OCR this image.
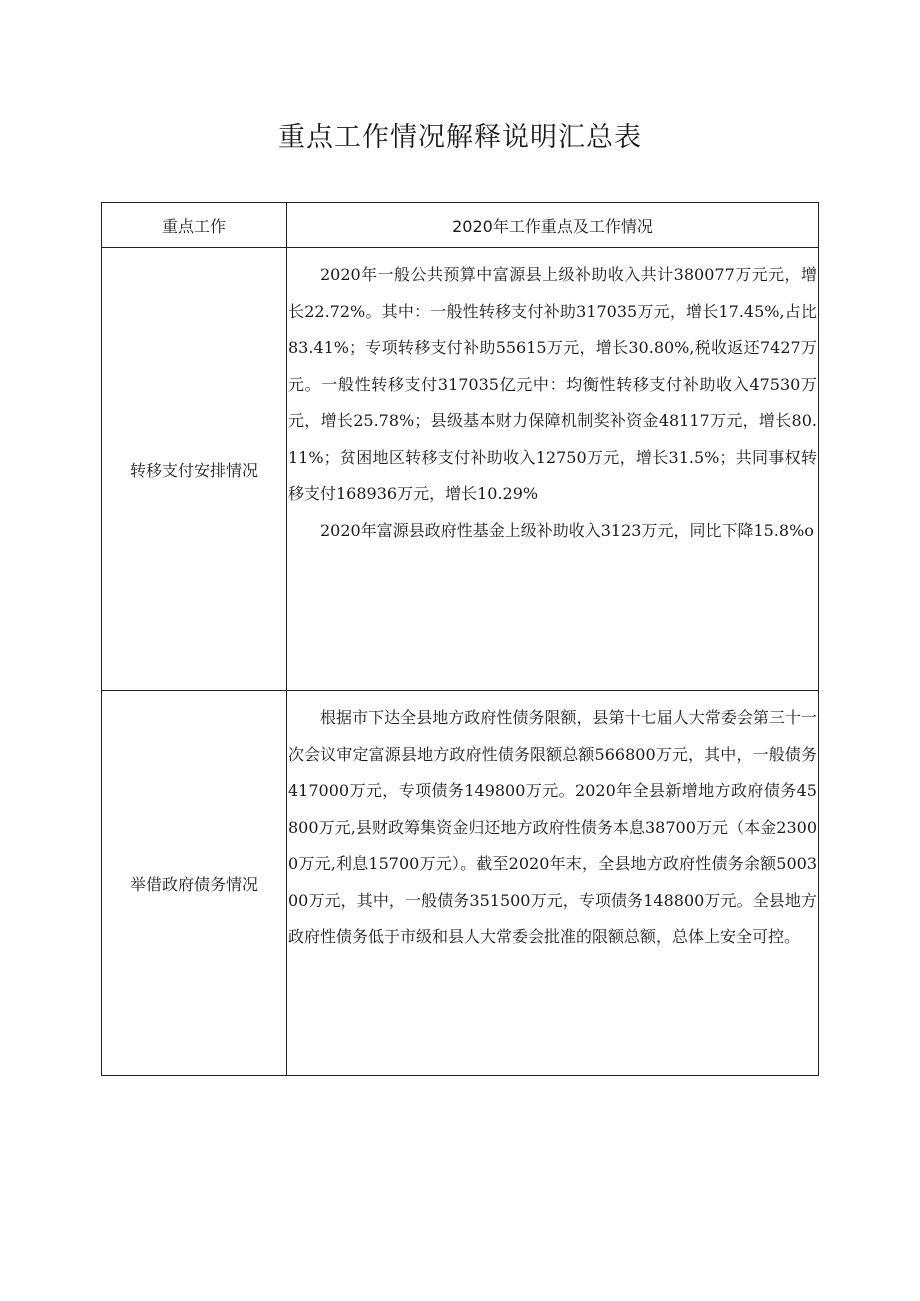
重点工作情况解释说明汇总表
重点工作	2020年工作重点及工作情况
转移支付安排情况	2020年一般公共预算中富源县上级补助收入共计380077万元元，增长22.72%。其中：一般性转移支付补助317035万元，增长17.45%,占比83.41%；专项转移支付补助55615万元，增长30.80%,税收返还7427万元。一般性转移支付317035亿元中：均衡性转移支付补助收入47530万元，增长25.78%；县级基本财力保障机制奖补资金48117万元，增长80.11%；贫困地区转移支付补助收入12750万元，增长31.5%；共同事权转移支付168936万元，增长10.29%

2020年富源县政府性基金上级补助收入3123万元，同比下降15.8%o

举借政府债务情况	根据市下达全县地方政府性债务限额，县第十七届人大常委会第三十一次会议审定富源县地方政府性债务限额总额566800万元，其中，一般债务417000万元，专项债务149800万元。2020年全县新增地方政府债务45800万元,县财政筹集资金归还地方政府性债务本息38700万元（本金23000万元,利息15700万元）。截至2020年末，全县地方政府性债务余额500300万元，其中，一般债务351500万元，专项债务148800万元。全县地方政府性债务低于市级和县人大常委会批准的限额总额，总体上安全可控。
